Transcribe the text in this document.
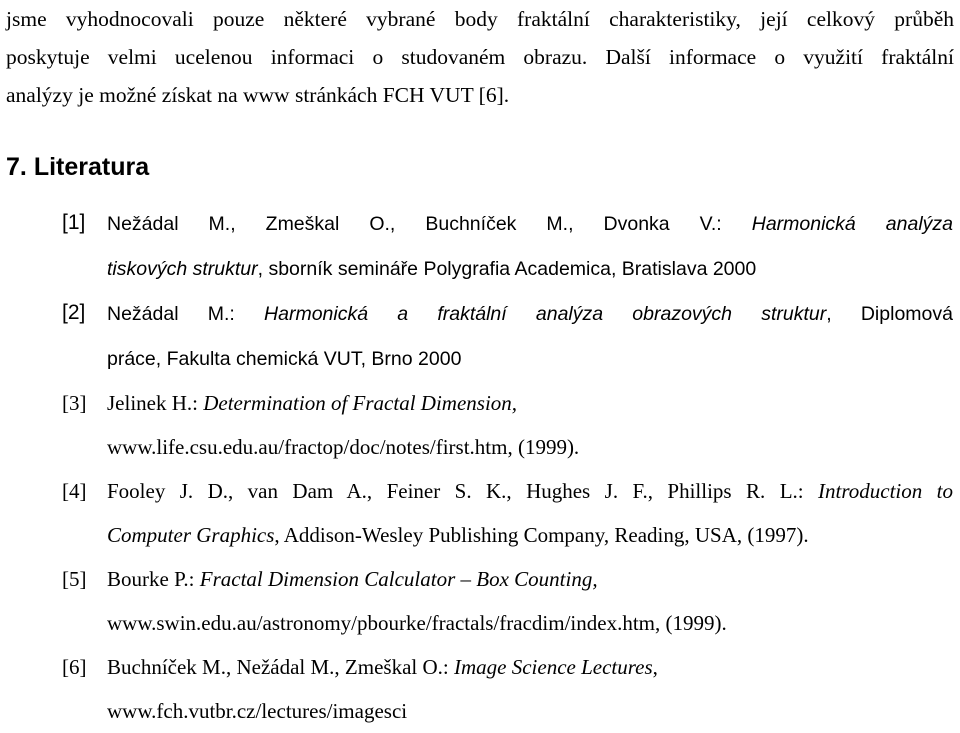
jsme vyhodnocovali pouze některé vybrané body fraktální charakteristiky, její celkový průběh
poskytuje velmi ucelenou informaci o studovaném obrazu. Další informace o využití fraktální
analýzy je možné získat na www stránkách FCH VUT [6].
7. Literatura
[1] Nežádal M., Zmeškal O., Buchníček M., Dvonka V.: Harmonická analýza
tiskových struktur, sborník semináře Polygrafia Academica, Bratislava 2000
[2] Nežádal M.: Harmonická a fraktální analýza obrazových struktur, Diplomová
práce, Fakulta chemická VUT, Brno 2000
[3] Jelinek H.: Determination of Fractal Dimension,
www.life.csu.edu.au/fractop/doc/notes/first.htm, (1999).
[4] Fooley J. D., van Dam A., Feiner S. K., Hughes J. F., Phillips R. L.: Introduction to
Computer Graphics, Addison-Wesley Publishing Company, Reading, USA, (1997).
[5] Bourke P.: Fractal Dimension Calculator – Box Counting,
www.swin.edu.au/astronomy/pbourke/fractals/fracdim/index.htm, (1999).
[6] Buchníček M., Nežádal M., Zmeškal O.: Image Science Lectures,
www.fch.vutbr.cz/lectures/imagesci
